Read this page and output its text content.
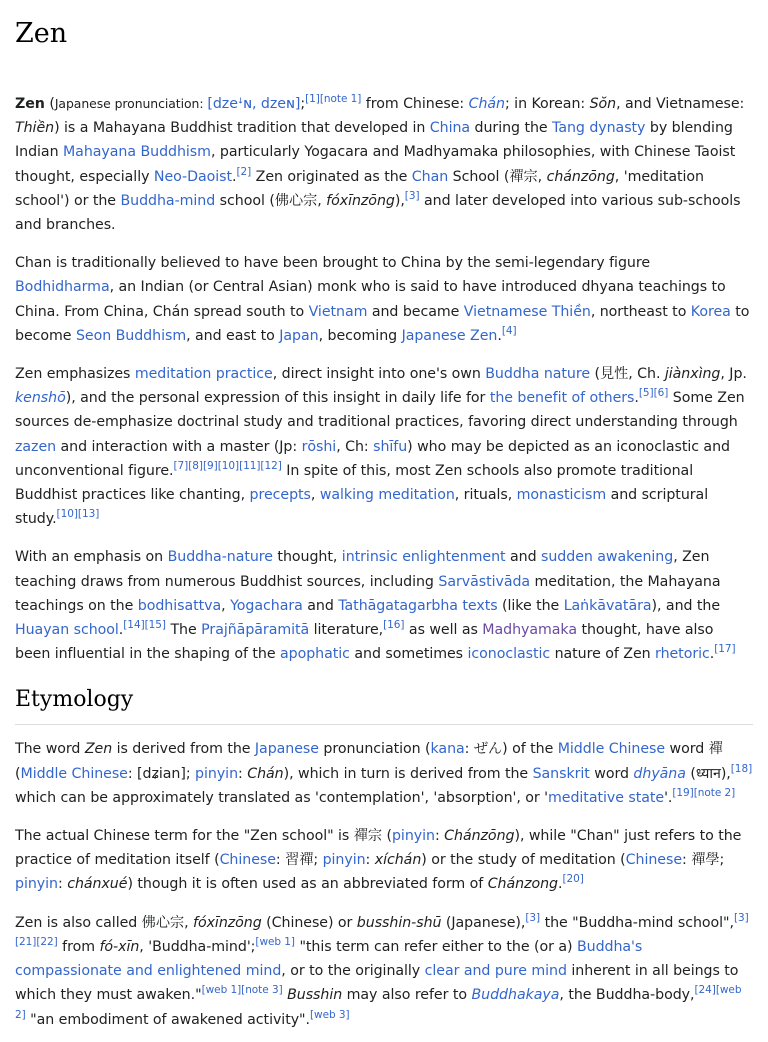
Zen

Zen (Japanese pronunciation: [dzeꜜɴ, dzeɴ];[1][note 1] from Chinese: Chán; in Korean: Sŏn, and Vietnamese: Thiền) is a Mahayana Buddhist tradition that developed in China during the Tang dynasty by blending Indian Mahayana Buddhism, particularly Yogacara and Madhyamaka philosophies, with Chinese Taoist thought, especially Neo-Daoist.[2] Zen originated as the Chan School (禪宗, chánzōng, 'meditation school') or the Buddha-mind school (佛心宗, fóxīnzōng),[3] and later developed into various sub-schools and branches.

Chan is traditionally believed to have been brought to China by the semi-legendary figure Bodhidharma, an Indian (or Central Asian) monk who is said to have introduced dhyana teachings to China. From China, Chán spread south to Vietnam and became Vietnamese Thiền, northeast to Korea to become Seon Buddhism, and east to Japan, becoming Japanese Zen.[4]

Zen emphasizes meditation practice, direct insight into one's own Buddha nature (見性, Ch. jiànxìng, Jp. kenshō), and the personal expression of this insight in daily life for the benefit of others.[5][6] Some Zen sources de-emphasize doctrinal study and traditional practices, favoring direct understanding through zazen and interaction with a master (Jp: rōshi, Ch: shīfu) who may be depicted as an iconoclastic and unconventional figure.[7][8][9][10][11][12] In spite of this, most Zen schools also promote traditional Buddhist practices like chanting, precepts, walking meditation, rituals, monasticism and scriptural study.[10][13]

With an emphasis on Buddha-nature thought, intrinsic enlightenment and sudden awakening, Zen teaching draws from numerous Buddhist sources, including Sarvāstivāda meditation, the Mahayana teachings on the bodhisattva, Yogachara and Tathāgatagarbha texts (like the Laṅkāvatāra), and the Huayan school.[14][15] The Prajñāpāramitā literature,[16] as well as Madhyamaka thought, have also been influential in the shaping of the apophatic and sometimes iconoclastic nature of Zen rhetoric.[17]

Etymology

The word Zen is derived from the Japanese pronunciation (kana: ぜん) of the Middle Chinese word 禪 (Middle Chinese: [dʑian]; pinyin: Chán), which in turn is derived from the Sanskrit word dhyāna (ध्यान),[18] which can be approximately translated as 'contemplation', 'absorption', or 'meditative state'.[19][note 2]

The actual Chinese term for the "Zen school" is 禪宗 (pinyin: Chánzōng), while "Chan" just refers to the practice of meditation itself (Chinese: 習禪; pinyin: xíchán) or the study of meditation (Chinese: 禪學; pinyin: chánxué) though it is often used as an abbreviated form of Chánzong.[20]

Zen is also called 佛心宗, fóxīnzōng (Chinese) or busshin-shū (Japanese),[3] the "Buddha-mind school",[3][21][22] from fó-xīn, 'Buddha-mind';[web 1] "this term can refer either to the (or a) Buddha's compassionate and enlightened mind, or to the originally clear and pure mind inherent in all beings to which they must awaken."[web 1][note 3] Busshin may also refer to Buddhakaya, the Buddha-body,[24][web 2] "an embodiment of awakened activity".[web 3]
